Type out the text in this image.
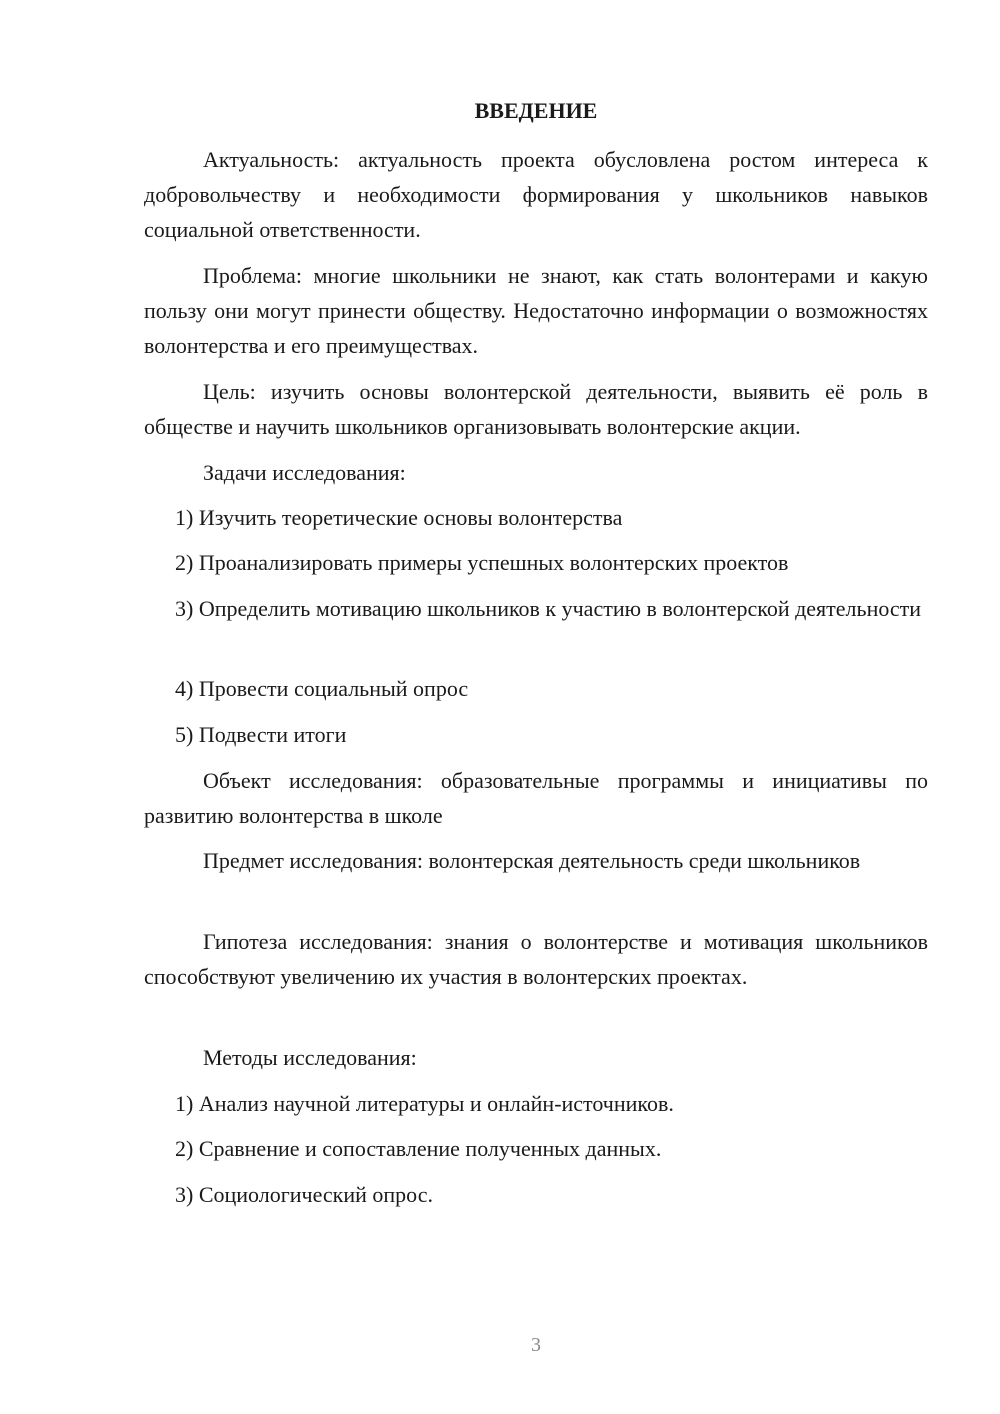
ВВЕДЕНИЕ
Актуальность: актуальность проекта обусловлена ростом интереса к добровольчеству и необходимости формирования у школьников навыков социальной ответственности.
Проблема: многие школьники не знают, как стать волонтерами и какую пользу они могут принести обществу. Недостаточно информации о возможностях волонтерства и его преимуществах.
Цель: изучить основы волонтерской деятельности, выявить её роль в обществе и научить школьников организовывать волонтерские акции.
Задачи исследования:
1) Изучить теоретические основы волонтерства
2) Проанализировать примеры успешных волонтерских проектов
3) Определить мотивацию школьников к участию в волонтерской деятельности
4) Провести социальный опрос
5) Подвести итоги
Объект исследования: образовательные программы и инициативы по развитию волонтерства в школе
Предмет исследования: волонтерская деятельность среди школьников
Гипотеза исследования: знания о волонтерстве и мотивация школьников способствуют увеличению их участия в волонтерских проектах.
Методы исследования:
1) Анализ научной литературы и онлайн-источников.
2) Сравнение и сопоставление полученных данных.
3) Социологический опрос.
3
